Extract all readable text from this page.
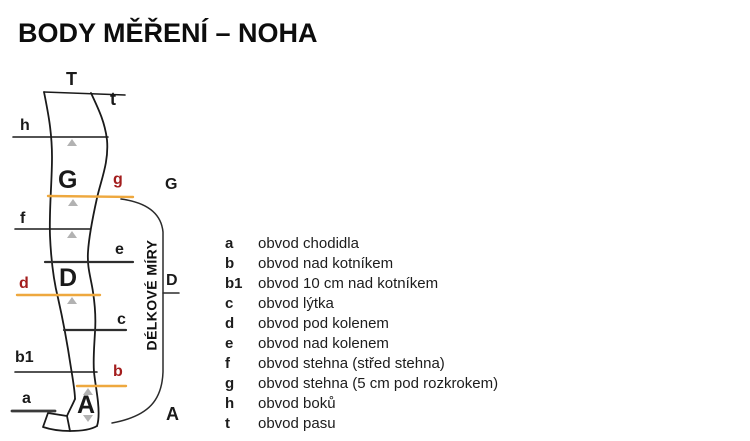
BODY MĚŘENÍ – NOHA
T
t
h
G g
f
e
D
d
c
b1
b
a A
G
D
A
DÉLKOVÉ MÍRY	a	obvod chodidla
b	obvod nad kotníkem
b1	obvod 10 cm nad kotníkem
c	obvod lýtka
d	obvod pod kolenem
e	obvod nad kolenem
f	obvod stehna (střed stehna)
g	obvod stehna (5 cm pod rozkrokem)
h	obvod boků
t	obvod pasu
